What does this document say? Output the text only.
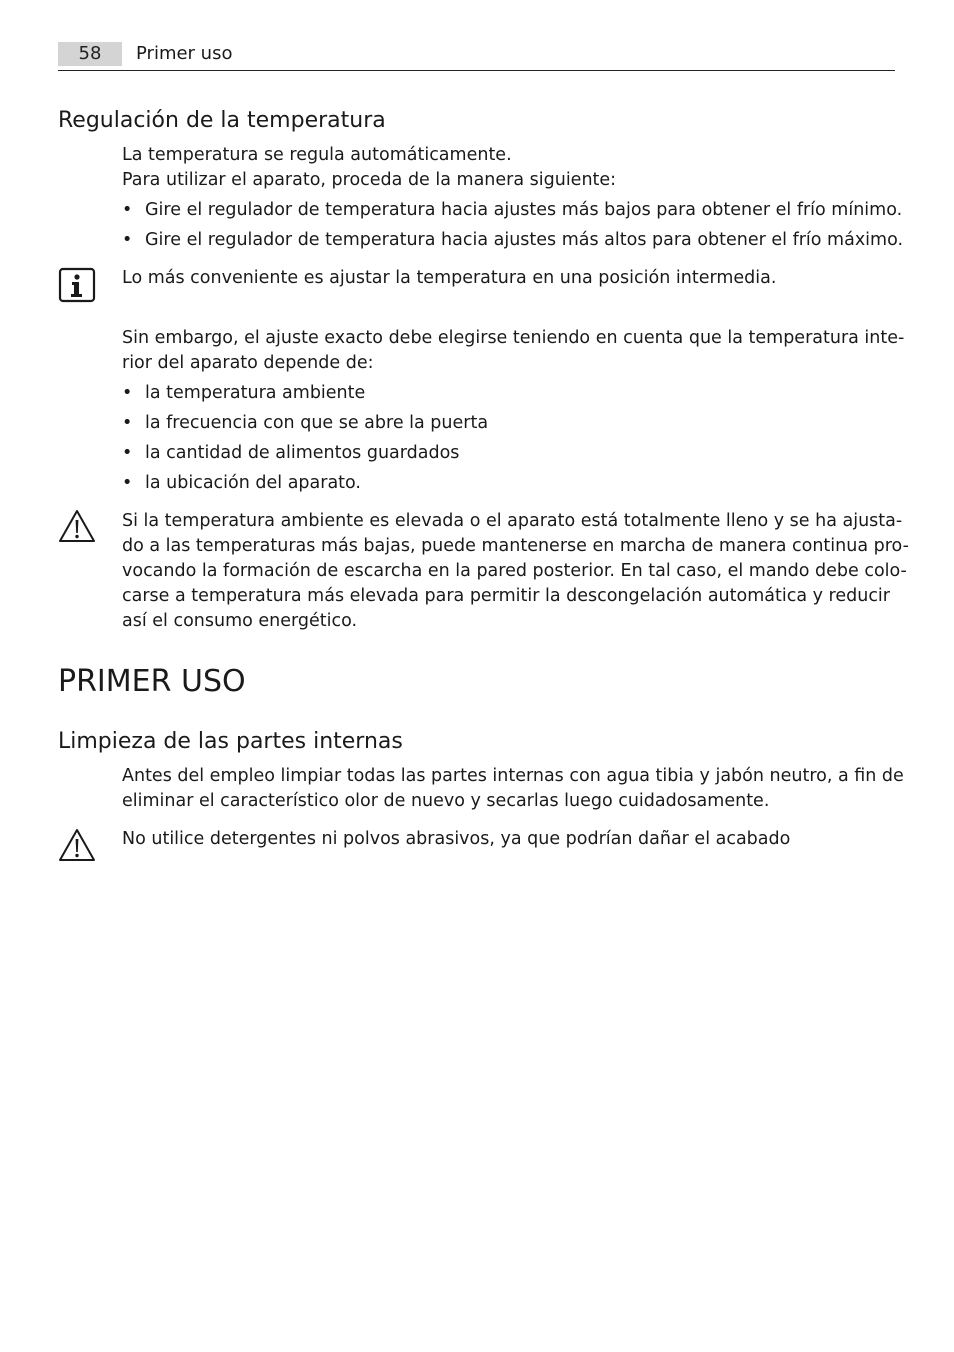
58	Primer uso
Regulación de la temperatura
La temperatura se regula automáticamente.
Para utilizar el aparato, proceda de la manera siguiente:
• Gire el regulador de temperatura hacia ajustes más bajos para obtener el frío mínimo.
• Gire el regulador de temperatura hacia ajustes más altos para obtener el frío máximo.
Lo más conveniente es ajustar la temperatura en una posición intermedia.
Sin embargo, el ajuste exacto debe elegirse teniendo en cuenta que la temperatura inte-
rior del aparato depende de:
• la temperatura ambiente
• la frecuencia con que se abre la puerta
• la cantidad de alimentos guardados
• la ubicación del aparato.
Si la temperatura ambiente es elevada o el aparato está totalmente lleno y se ha ajusta-
do a las temperaturas más bajas, puede mantenerse en marcha de manera continua pro-
vocando la formación de escarcha en la pared posterior. En tal caso, el mando debe colo-
carse a temperatura más elevada para permitir la descongelación automática y reducir
así el consumo energético.
PRIMER USO
Limpieza de las partes internas
Antes del empleo limpiar todas las partes internas con agua tibia y jabón neutro, a fin de
eliminar el característico olor de nuevo y secarlas luego cuidadosamente.
No utilice detergentes ni polvos abrasivos, ya que podrían dañar el acabado
